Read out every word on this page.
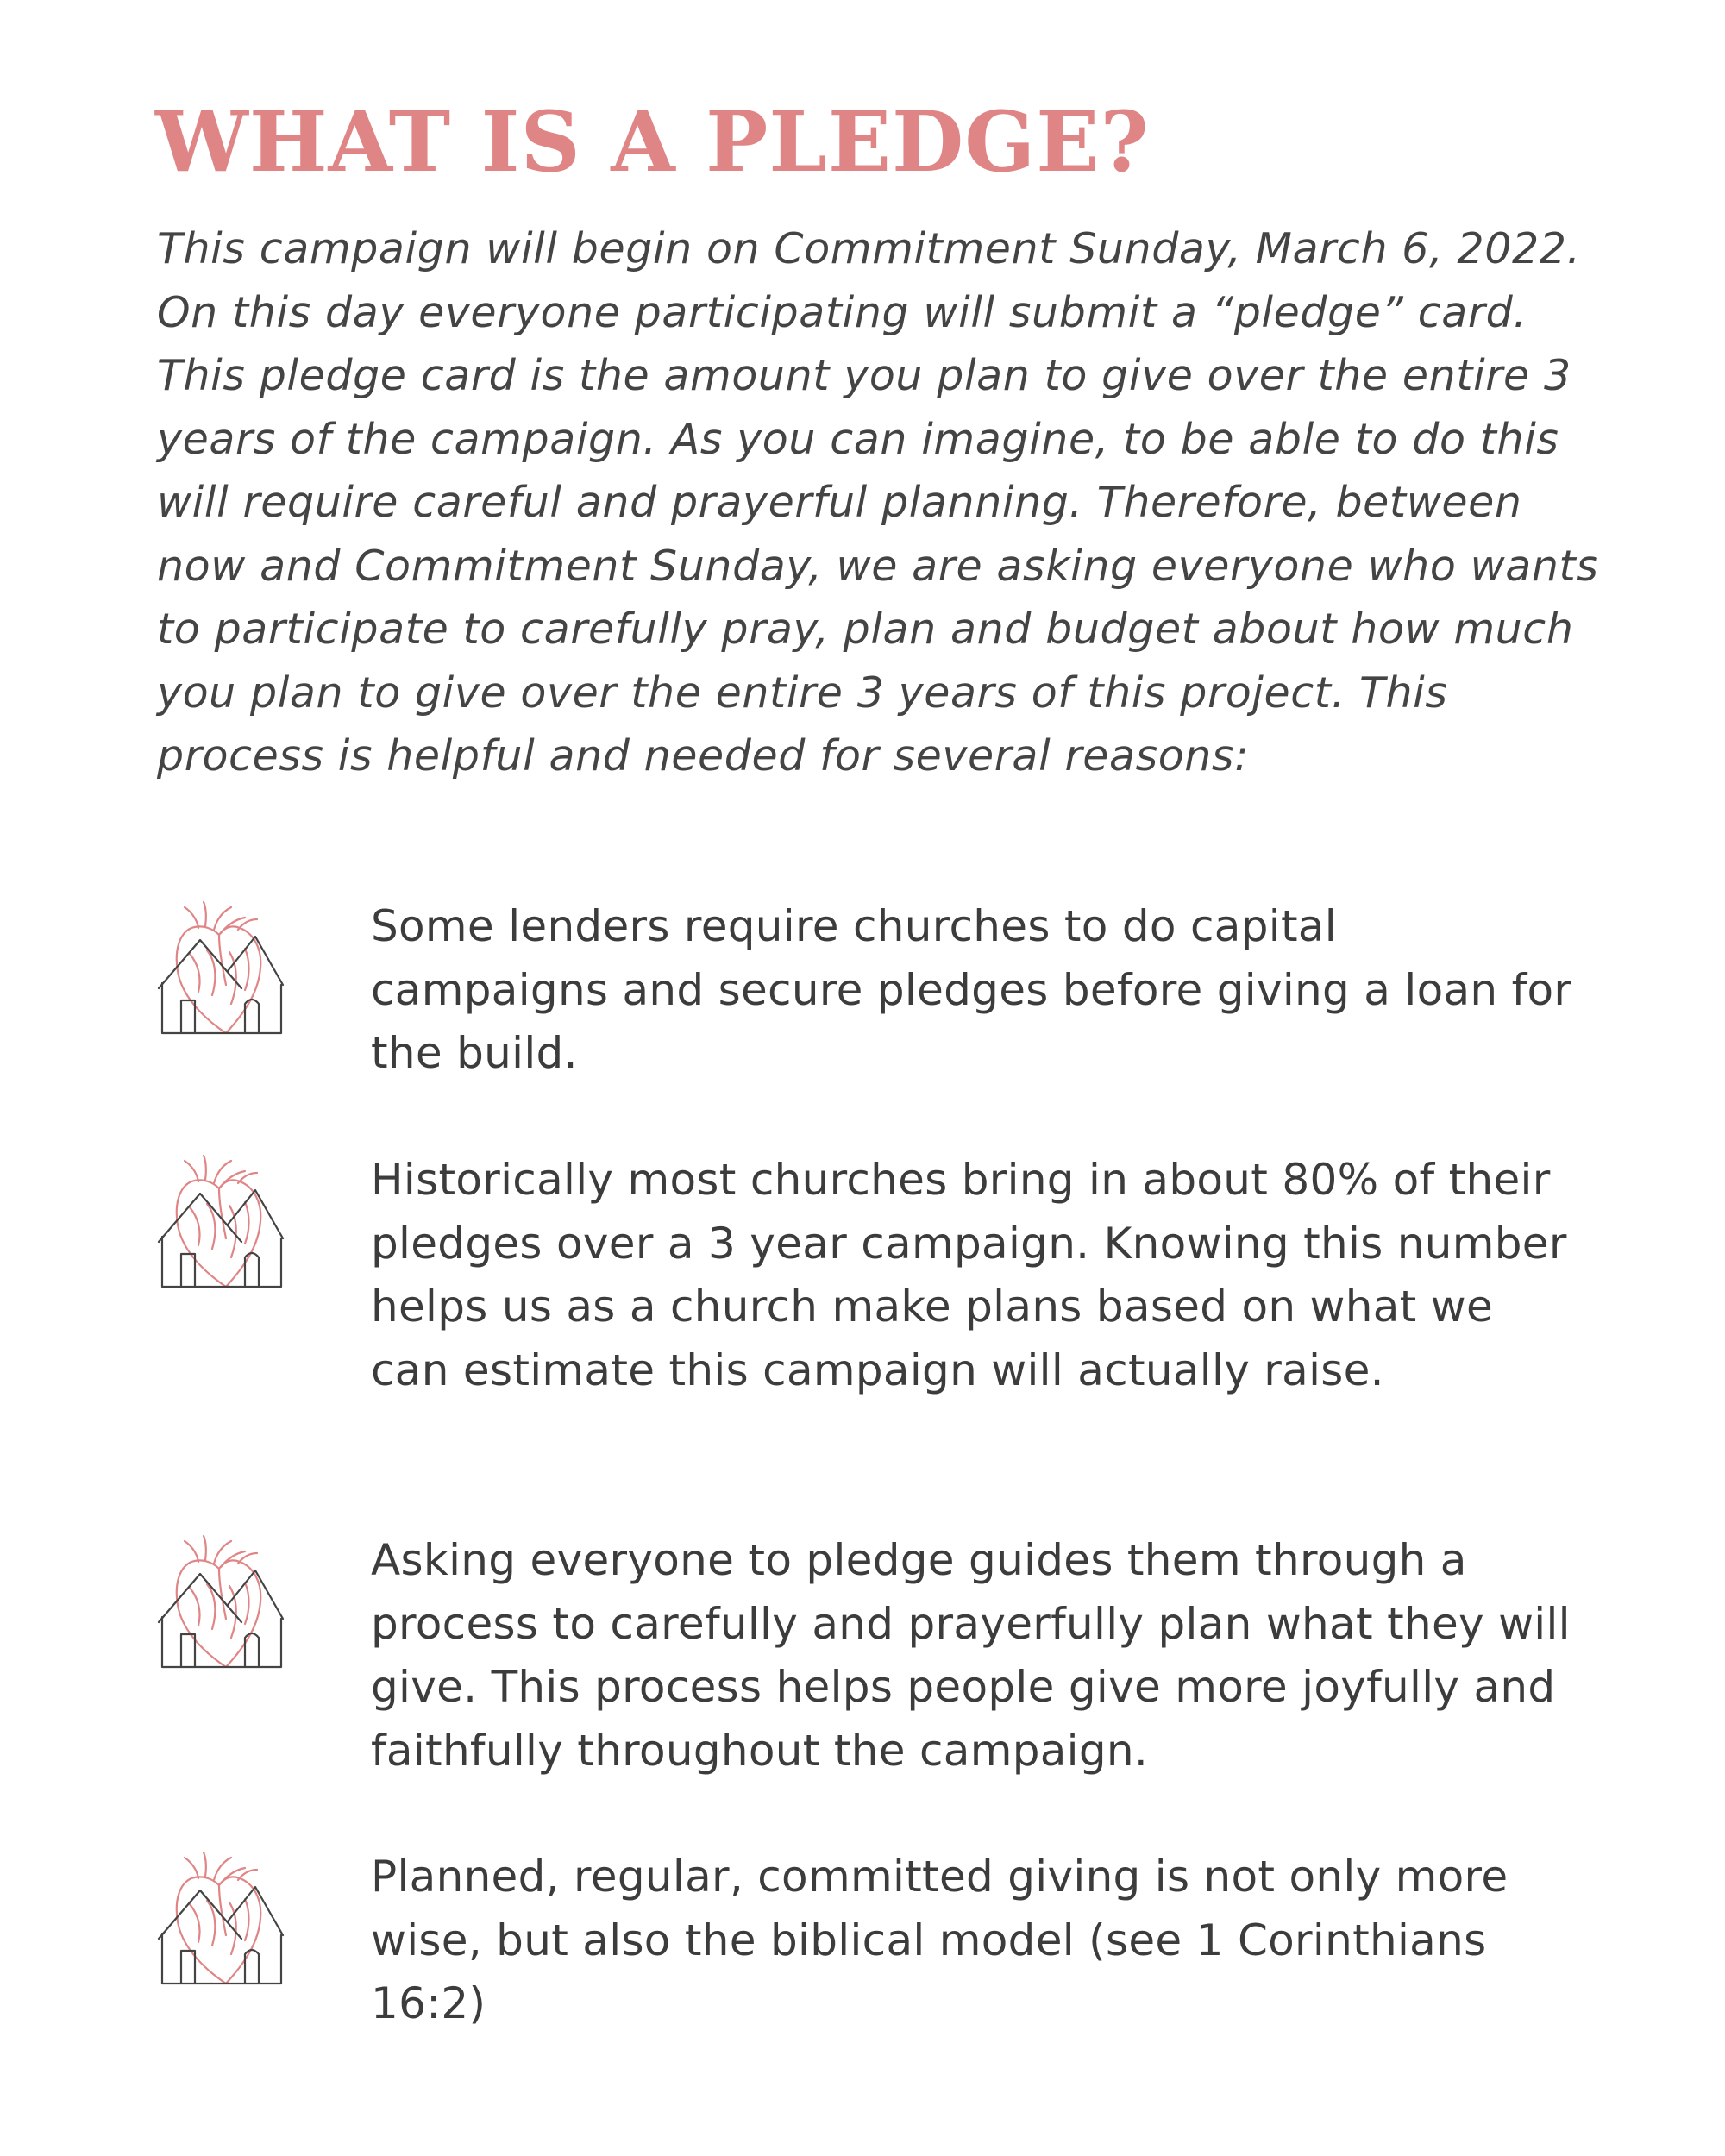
WHAT IS A PLEDGE?

This campaign will begin on Commitment Sunday, March 6, 2022. On this day everyone participating will submit a “pledge” card. This pledge card is the amount you plan to give over the entire 3 years of the campaign. As you can imagine, to be able to do this will require careful and prayerful planning. Therefore, between now and Commitment Sunday, we are asking everyone who wants to participate to carefully pray, plan and budget about how much you plan to give over the entire 3 years of this project. This process is helpful and needed for several reasons:

Some lenders require churches to do capital campaigns and secure pledges before giving a loan for the build.

Historically most churches bring in about 80% of their pledges over a 3 year campaign. Knowing this number helps us as a church make plans based on what we can estimate this campaign will actually raise.

Asking everyone to pledge guides them through a process to carefully and prayerfully plan what they will give. This process helps people give more joyfully and faithfully throughout the campaign.

Planned, regular, committed giving is not only more wise, but also the biblical model (see 1 Corinthians 16:2)
